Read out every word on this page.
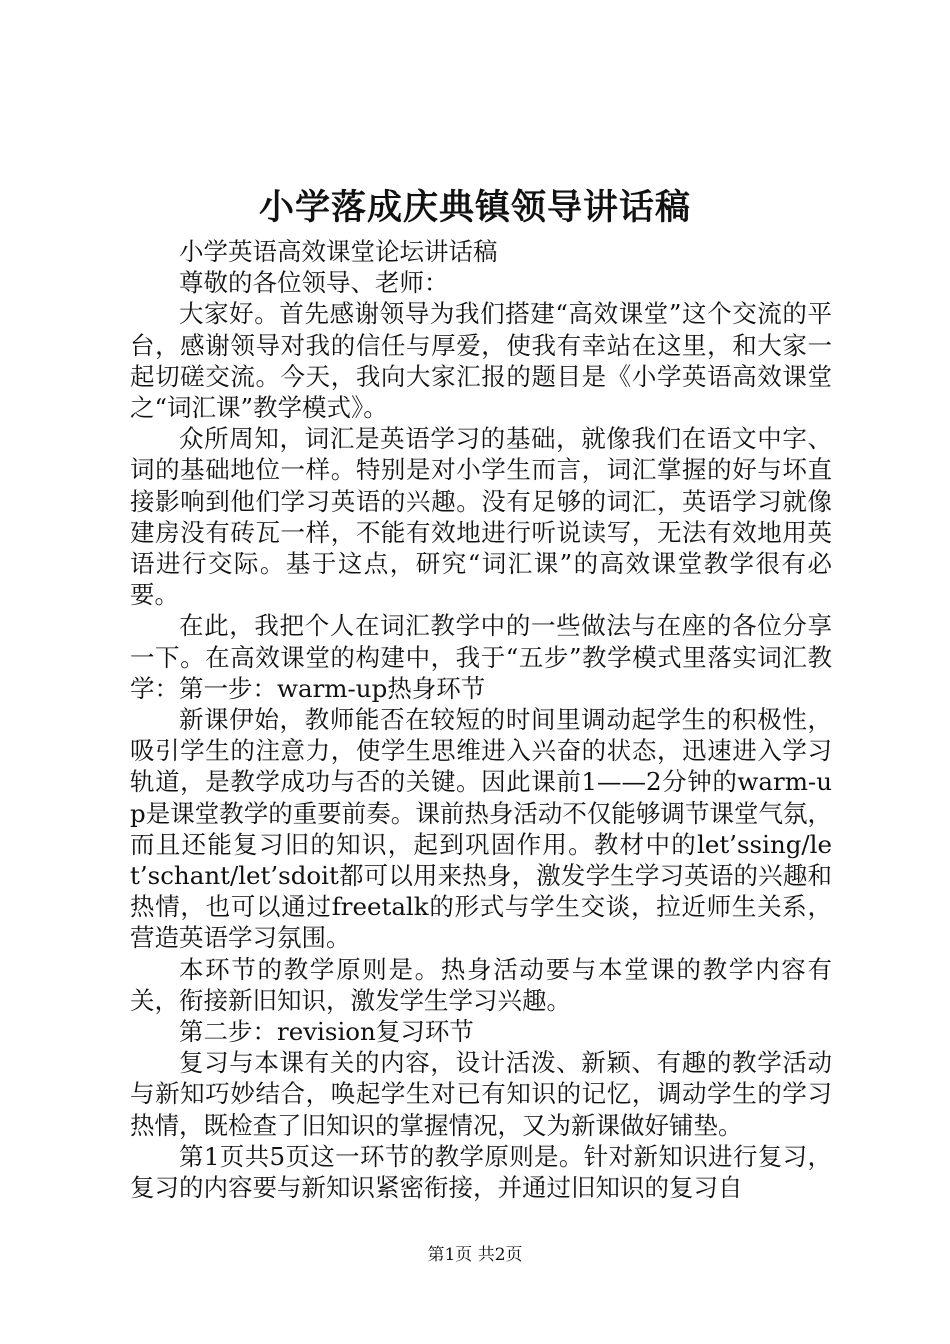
小学落成庆典镇领导讲话稿

小学英语高效课堂论坛讲话稿

尊敬的各位领导、老师：

大家好。首先感谢领导为我们搭建“高效课堂”这个交流的平台，感谢领导对我的信任与厚爱，使我有幸站在这里，和大家一起切磋交流。今天，我向大家汇报的题目是《小学英语高效课堂之“词汇课”教学模式》。

众所周知，词汇是英语学习的基础，就像我们在语文中字、词的基础地位一样。特别是对小学生而言，词汇掌握的好与坏直接影响到他们学习英语的兴趣。没有足够的词汇，英语学习就像建房没有砖瓦一样，不能有效地进行听说读写，无法有效地用英语进行交际。基于这点，研究“词汇课”的高效课堂教学很有必要。

在此，我把个人在词汇教学中的一些做法与在座的各位分享一下。在高效课堂的构建中，我于“五步”教学模式里落实词汇教学：第一步：warm-up热身环节

新课伊始，教师能否在较短的时间里调动起学生的积极性，吸引学生的注意力，使学生思维进入兴奋的状态，迅速进入学习轨道，是教学成功与否的关键。因此课前1——2分钟的warm-up是课堂教学的重要前奏。课前热身活动不仅能够调节课堂气氛，而且还能复习旧的知识，起到巩固作用。教材中的let’ssing/let’schant/let’sdoit都可以用来热身，激发学生学习英语的兴趣和热情，也可以通过freetalk的形式与学生交谈，拉近师生关系，营造英语学习氛围。

本环节的教学原则是。热身活动要与本堂课的教学内容有关，衔接新旧知识，激发学生学习兴趣。

第二步：revision复习环节

复习与本课有关的内容，设计活泼、新颖、有趣的教学活动与新知巧妙结合，唤起学生对已有知识的记忆，调动学生的学习热情，既检查了旧知识的掌握情况，又为新课做好铺垫。

第1页共5页这一环节的教学原则是。针对新知识进行复习，复习的内容要与新知识紧密衔接，并通过旧知识的复习自

第1页 共2页
